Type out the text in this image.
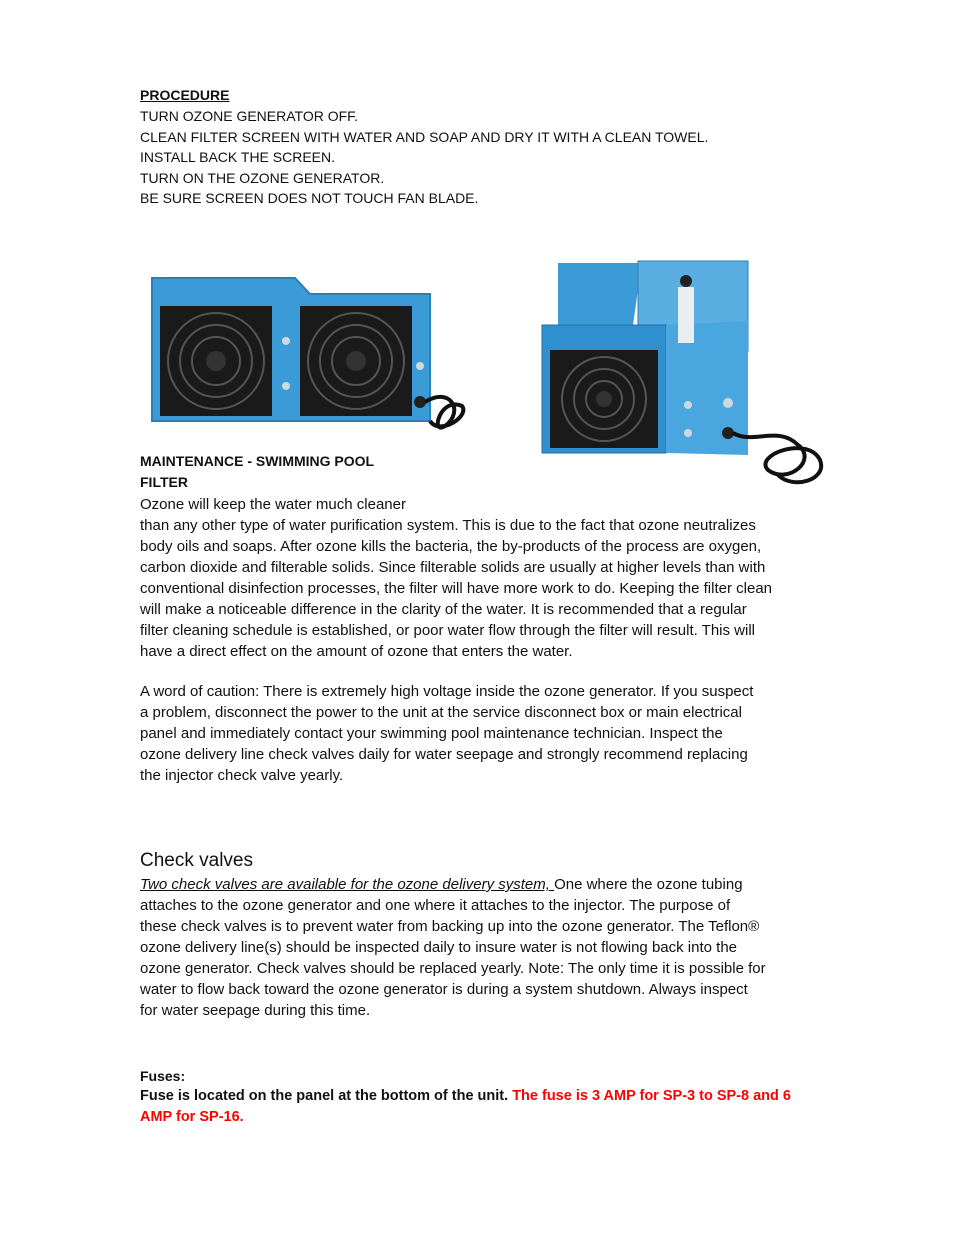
PROCEDURE
TURN OZONE GENERATOR OFF.
CLEAN FILTER SCREEN WITH WATER AND SOAP AND DRY IT WITH A CLEAN TOWEL.
INSTALL BACK THE SCREEN.
TURN ON THE OZONE GENERATOR.
BE SURE SCREEN DOES NOT TOUCH FAN BLADE.
MAINTENANCE - SWIMMING POOL
FILTER
Ozone will keep the water much cleaner
than any other type of water purification system. This is due to the fact that ozone neutralizes
body oils and soaps. After ozone kills the bacteria, the by-products of the process are oxygen,
carbon dioxide and filterable solids. Since filterable solids are usually at higher levels than with
conventional disinfection processes, the filter will have more work to do. Keeping the filter clean
will make a noticeable difference in the clarity of the water. It is recommended that a regular
filter cleaning schedule is established, or poor water flow through the filter will result. This will
have a direct effect on the amount of ozone that enters the water.
A word of caution: There is extremely high voltage inside the ozone generator. If you suspect
a problem, disconnect the power to the unit at the service disconnect box or main electrical
panel and immediately contact your swimming pool maintenance technician. Inspect the
ozone delivery line check valves daily for water seepage and strongly recommend replacing
the injector check valve yearly.
Check valves
Two check valves are available for the ozone delivery system, One where the ozone tubing
attaches to the ozone generator and one where it attaches to the injector. The purpose of
these check valves is to prevent water from backing up into the ozone generator. The Teflon®
ozone delivery line(s) should be inspected daily to insure water is not flowing back into the
ozone generator. Check valves should be replaced yearly. Note: The only time it is possible for
water to flow back toward the ozone generator is during a system shutdown. Always inspect
for water seepage during this time.
Fuses:
Fuse is located on the panel at the bottom of the unit. The fuse is 3 AMP for SP-3 to SP-8 and 6
AMP for SP-16.
